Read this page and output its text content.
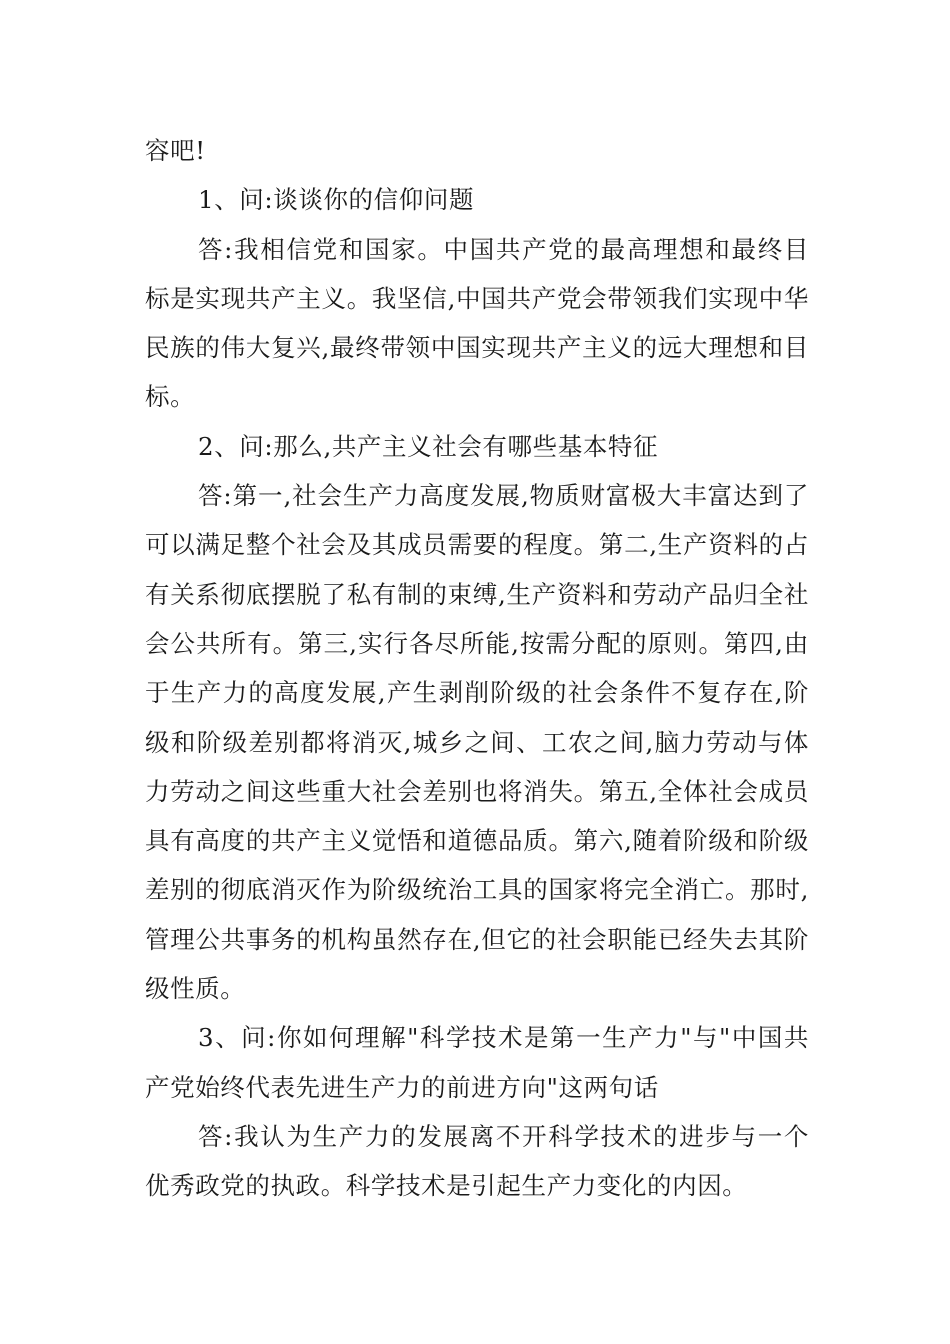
容吧!

1、问:谈谈你的信仰问题

答:我相信党和国家。中国共产党的最高理想和最终目标是实现共产主义。我坚信,中国共产党会带领我们实现中华民族的伟大复兴,最终带领中国实现共产主义的远大理想和目标。

2、问:那么,共产主义社会有哪些基本特征

答:第一,社会生产力高度发展,物质财富极大丰富达到了可以满足整个社会及其成员需要的程度。第二,生产资料的占有关系彻底摆脱了私有制的束缚,生产资料和劳动产品归全社会公共所有。第三,实行各尽所能,按需分配的原则。第四,由于生产力的高度发展,产生剥削阶级的社会条件不复存在,阶级和阶级差别都将消灭,城乡之间、工农之间,脑力劳动与体力劳动之间这些重大社会差别也将消失。第五,全体社会成员具有高度的共产主义觉悟和道德品质。第六,随着阶级和阶级差别的彻底消灭作为阶级统治工具的国家将完全消亡。那时,管理公共事务的机构虽然存在,但它的社会职能已经失去其阶级性质。

3、问:你如何理解"科学技术是第一生产力"与"中国共产党始终代表先进生产力的前进方向"这两句话

答:我认为生产力的发展离不开科学技术的进步与一个优秀政党的执政。科学技术是引起生产力变化的内因。
